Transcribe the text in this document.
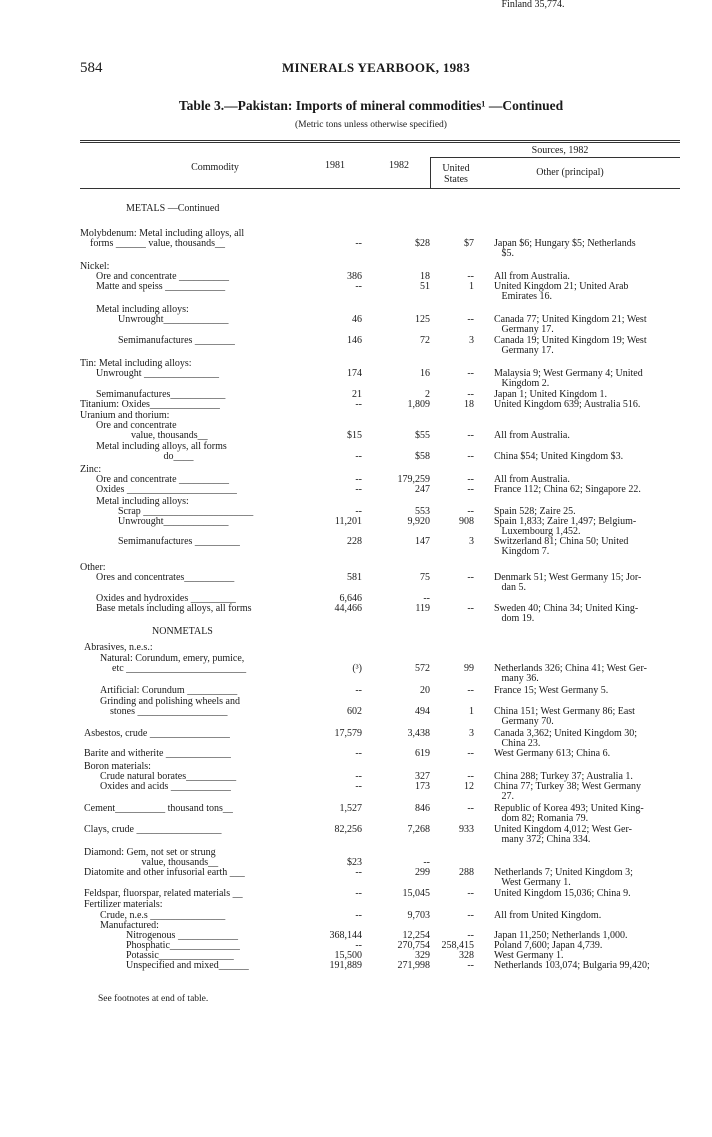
584	MINERALS YEARBOOK, 1983
Table 3.—Pakistan: Imports of mineral commodities¹ —Continued
(Metric tons unless otherwise specified)
Commodity	1981	1982
Sources, 1982
United
States
Other (principal)
METALS —Continued
NONMETALS
Molybdenum: Metal including alloys, all
forms ______ value, thousands__	--	$28	$7 Japan $6; Hungary $5; Netherlands
$5.
Nickel:
Ore and concentrate __________	386	18	-- All from Australia.
Matte and speiss ____________	--	51	1 United Kingdom 21; United Arab
Emirates 16.
Metal including alloys:
Unwrought_____________	46	125	-- Canada 77; United Kingdom 21; West
Germany 17.
Semimanufactures ________	146	72	3 Canada 19; United Kingdom 19; West
Germany 17.
Tin: Metal including alloys:
Unwrought _______________	174	16	-- Malaysia 9; West Germany 4; United
Kingdom 2.
Semimanufactures___________	21	2	-- Japan 1; United Kingdom 1.
Titanium: Oxides______________	--	1,809	18 United Kingdom 639; Australia 516.
Uranium and thorium:
Ore and concentrate
value, thousands__	$15	$55	-- All from Australia.
Metal including alloys, all forms
do____	--	$58	-- China $54; United Kingdom $3.
Zinc:
Ore and concentrate __________	--	179,259	-- All from Australia.
Oxides ______________________	--	247	-- France 112; China 62; Singapore 22.
Metal including alloys:
Scrap ______________________	--	553	-- Spain 528; Zaire 25.
Unwrought_____________	11,201	9,920	908 Spain 1,833; Zaire 1,497; Belgium-
Luxembourg 1,452.
Semimanufactures _________	228	147	3 Switzerland 81; China 50; United
Kingdom 7.
Other:
Ores and concentrates__________	581	75	-- Denmark 51; West Germany 15; Jor-
dan 5.
Oxides and hydroxides _________	6,646	--
Base metals including alloys, all forms	44,466	119	-- Sweden 40; China 34; United King-
dom 19.
Abrasives, n.e.s.:
Natural: Corundum, emery, pumice,
etc ________________________	(³)	572	99 Netherlands 326; China 41; West Ger-
many 36.
Artificial: Corundum __________	--	20	-- France 15; West Germany 5.
Grinding and polishing wheels and
stones __________________	602	494	1 China 151; West Germany 86; East
Germany 70.
Asbestos, crude ________________	17,579	3,438	3 Canada 3,362; United Kingdom 30;
China 23.
Barite and witherite _____________	--	619	-- West Germany 613; China 6.
Boron materials:
Crude natural borates__________	--	327	-- China 288; Turkey 37; Australia 1.
Oxides and acids ____________	--	173	12 China 77; Turkey 38; West Germany
27.
Cement__________ thousand tons__	1,527	846	-- Republic of Korea 493; United King-
dom 82; Romania 79.
Clays, crude _________________	82,256	7,268	933 United Kingdom 4,012; West Ger-
many 372; China 334.
Diamond: Gem, not set or strung
value, thousands__	$23	--
Diatomite and other infusorial earth ___	--	299	288 Netherlands 7; United Kingdom 3;
West Germany 1.
Feldspar, fluorspar, related materials __	--	15,045	-- United Kingdom 15,036; China 9.
Fertilizer materials:
Crude, n.e.s _______________	--	9,703	-- All from United Kingdom.
Manufactured:
Nitrogenous ____________	368,144	12,254	-- Japan 11,250; Netherlands 1,000.
Phosphatic______________	--	270,754	258,415 Poland 7,600; Japan 4,739.
Potassic_______________	15,500	329	328 West Germany 1.
Unspecified and mixed______	191,889	271,998	-- Netherlands 103,074; Bulgaria 99,420;
Finland 35,774.
See footnotes at end of table.
